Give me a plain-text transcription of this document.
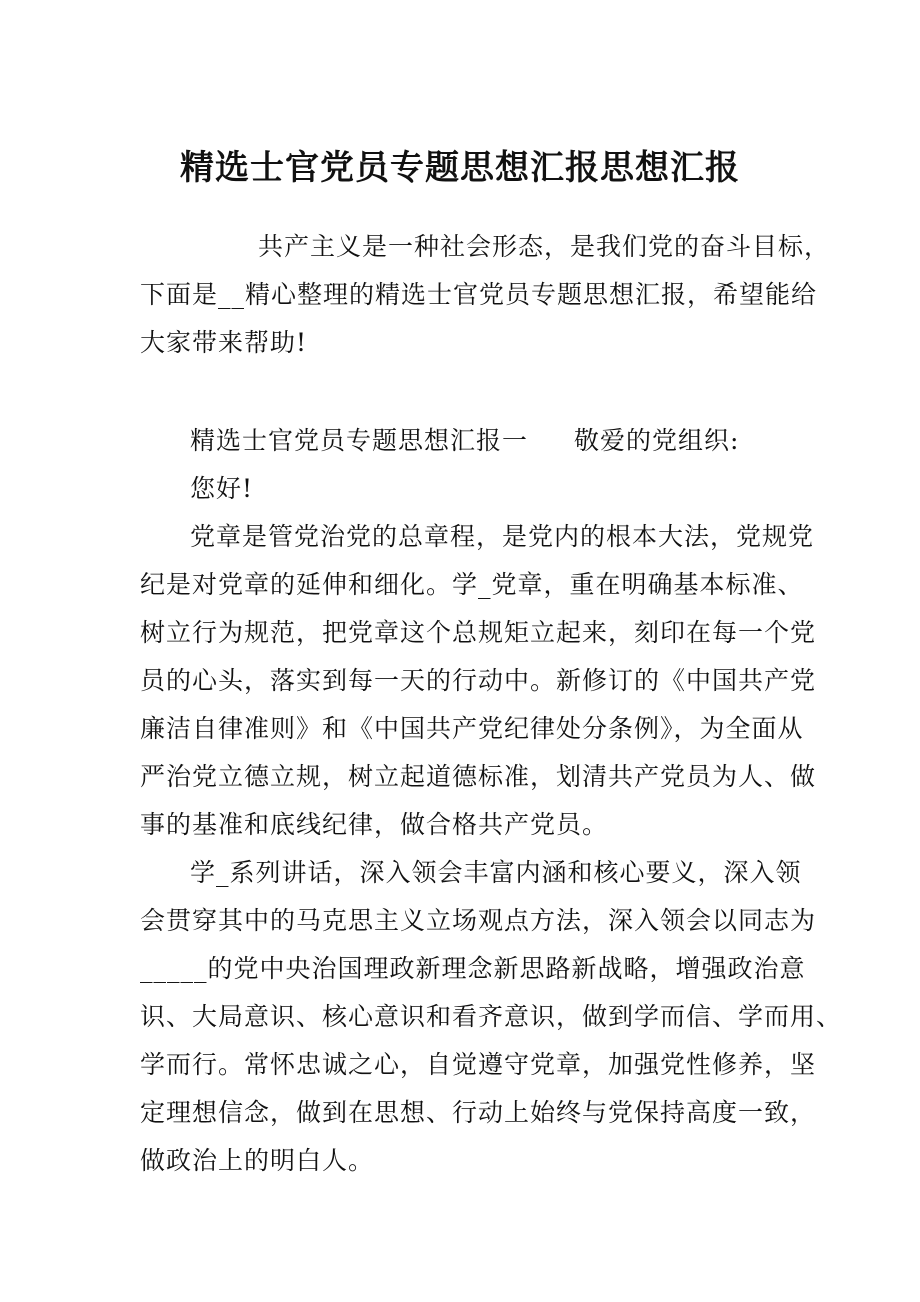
精选士官党员专题思想汇报思想汇报
共产主义是一种社会形态，是我们党的奋斗目标，
下面是__精心整理的精选士官党员专题思想汇报，希望能给
大家带来帮助!
精选士官党员专题思想汇报一 敬爱的党组织:
您好!
党章是管党治党的总章程，是党内的根本大法，党规党
纪是对党章的延伸和细化。学_党章，重在明确基本标准、
树立行为规范，把党章这个总规矩立起来，刻印在每一个党
员的心头，落实到每一天的行动中。新修订的《中国共产党
廉洁自律准则》和《中国共产党纪律处分条例》，为全面从
严治党立德立规，树立起道德标准，划清共产党员为人、做
事的基准和底线纪律，做合格共产党员。
学_系列讲话，深入领会丰富内涵和核心要义，深入领
会贯穿其中的马克思主义立场观点方法，深入领会以同志为
_____的党中央治国理政新理念新思路新战略，增强政治意
识、大局意识、核心意识和看齐意识，做到学而信、学而用、
学而行。常怀忠诚之心，自觉遵守党章，加强党性修养，坚
定理想信念，做到在思想、行动上始终与党保持高度一致，
做政治上的明白人。
